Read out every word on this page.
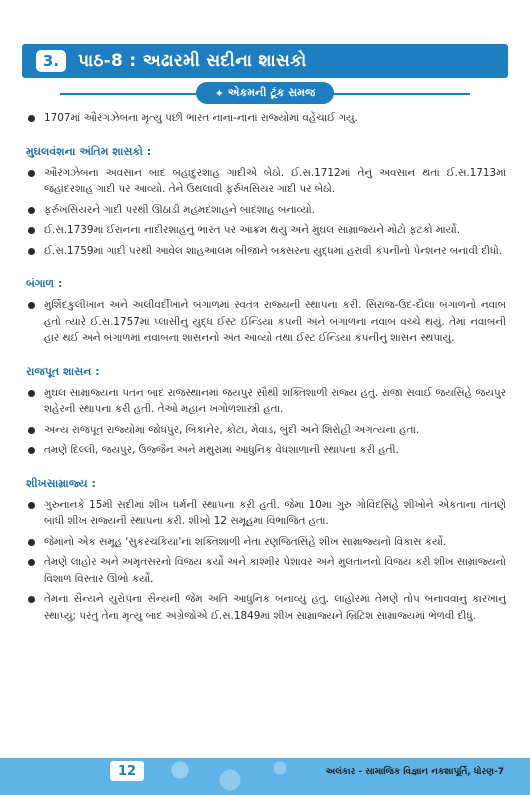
3.	પાઠ-8 : અઢારમી સદીના શાસકો
✦ એકમની ટૂંક સમજ
1707માં ઔરંગઝેબના મૃત્યુ પછી ભારત નાનાં-નાનાં રાજ્યોમાં વહેંચાઈ ગયું.
મુઘલવંશના અંતિમ શાસકો :
ઔરંગઝેબના અવસાન બાદ બહાદુરશાહ ગાદીએ બેઠો. ઈ.સ.1712માં તેનું અવસાન થતાં ઈ.સ.1713માં જહાંદરશાહ ગાદી પર આવ્યો. તેને ઉથલાવી ફર્રુખસિયર ગાદી પર બેઠો.
ફર્રુખસિયરને ગાદી પરથી ઊઠાડી મહંમદશાહને બાદશાહ બનાવ્યો.
ઈ.સ.1739માં ઈરાનના નાદીરશાહનું ભારત પર આક્રમ થયું અને મુઘલ સામ્રાજ્યને મોટો ફટકો માર્યો.
ઈ.સ.1759માં ગાદી પરથી આવેલ શાહઆલમ બીજાને બક્સરના યુદ્ધમાં હરાવી કંપનીનો પેન્શનર બનાવી દીધો.
બંગાળ :
મુર્શિદકુલીખાન અને અલીવર્દીખાને બંગાળમાં સ્વતંત્ર રાજ્યની સ્થાપના કરી. સિરાજ-ઉદ-દૌલા બંગાળનો નવાબ હતો ત્યારે ઈ.સ.1757માં પ્લાસીનું યુદ્ધ ઈસ્ટ ઈન્ડિયા કંપની અને બંગાળના નવાબ વચ્ચે થયું. તેમાં નવાબની હાર થઈ અને બંગાળમાં નવાબના શાસનનો અંત આવ્યો તથા ઈસ્ટ ઈન્ડિયા કંપનીનું શાસન સ્થપાયું.
રાજપૂત શાસન :
મુઘલ સામ્રાજ્યના પતન બાદ રાજસ્થાનમાં જયપુર સૌથી શક્તિશાળી રાજ્ય હતું. રાજા સવાઈ જયસિંહે જયપુર શહેરની સ્થાપના કરી હતી. તેઓ મહાન ખગોળશાસ્ત્રી હતા.
અન્ય રાજપૂત રાજ્યોમાં જોધપુર, બિકાનેર, કોટા, મેવાડ, બુંદી અને શિરોહી અગત્યના હતા.
તમણે દિલ્લી, જયપુર, ઉજ્જૈન અને મથુરામાં આધુનિક વેધશાળાની સ્થાપના કરી હતી.
શીખસામ્રાજ્ય :
ગુરુનાનકે 15મી સદીમાં શીખ ધર્મની સ્થાપના કરી હતી. જેમાં 10મા ગુરુ ગોવિંદસિંહે શીખોને એકતાના તાંતણે બાંધી શીખ રાજ્યની સ્થાપના કરી. શીખો 12 સમૂહમાં વિભાજિત હતા.
જેમાંનો એક સમૂહ 'સુકરચકિયા'નાં શક્તિશાળી નેતા રણજિતસિંહે શીખ સામ્રાજ્યનો વિકાસ કર્યો.
તેમણે લાહોર અને અમૃતસરનો વિજય કર્યો અને કાશ્મીર પેશાવર અને મુલતાનનો વિજય કરી શીખ સામ્રાજ્યનો વિશાળ વિસ્તાર ઊભો કર્યો.
તેમના સૈન્યને યુરોપના સૈન્યની જેમ અતિ આધુનિક બનાવ્યું હતું. લાહોરમાં તેમણે તોપ બનાવવાનું કારખાનું સ્થાપ્યું; પરંતુ તેના મૃત્યુ બાદ અંગ્રેજોએ ઈ.સ.1849માં શીખ સામ્રાજ્યને બ્રિટિશ સામ્રાજ્યમાં ભેળવી દીધું.
12	અલંકાર - સામાજિક વિજ્ઞાન નકશાપૂર્તિ, ધોરણ-7
